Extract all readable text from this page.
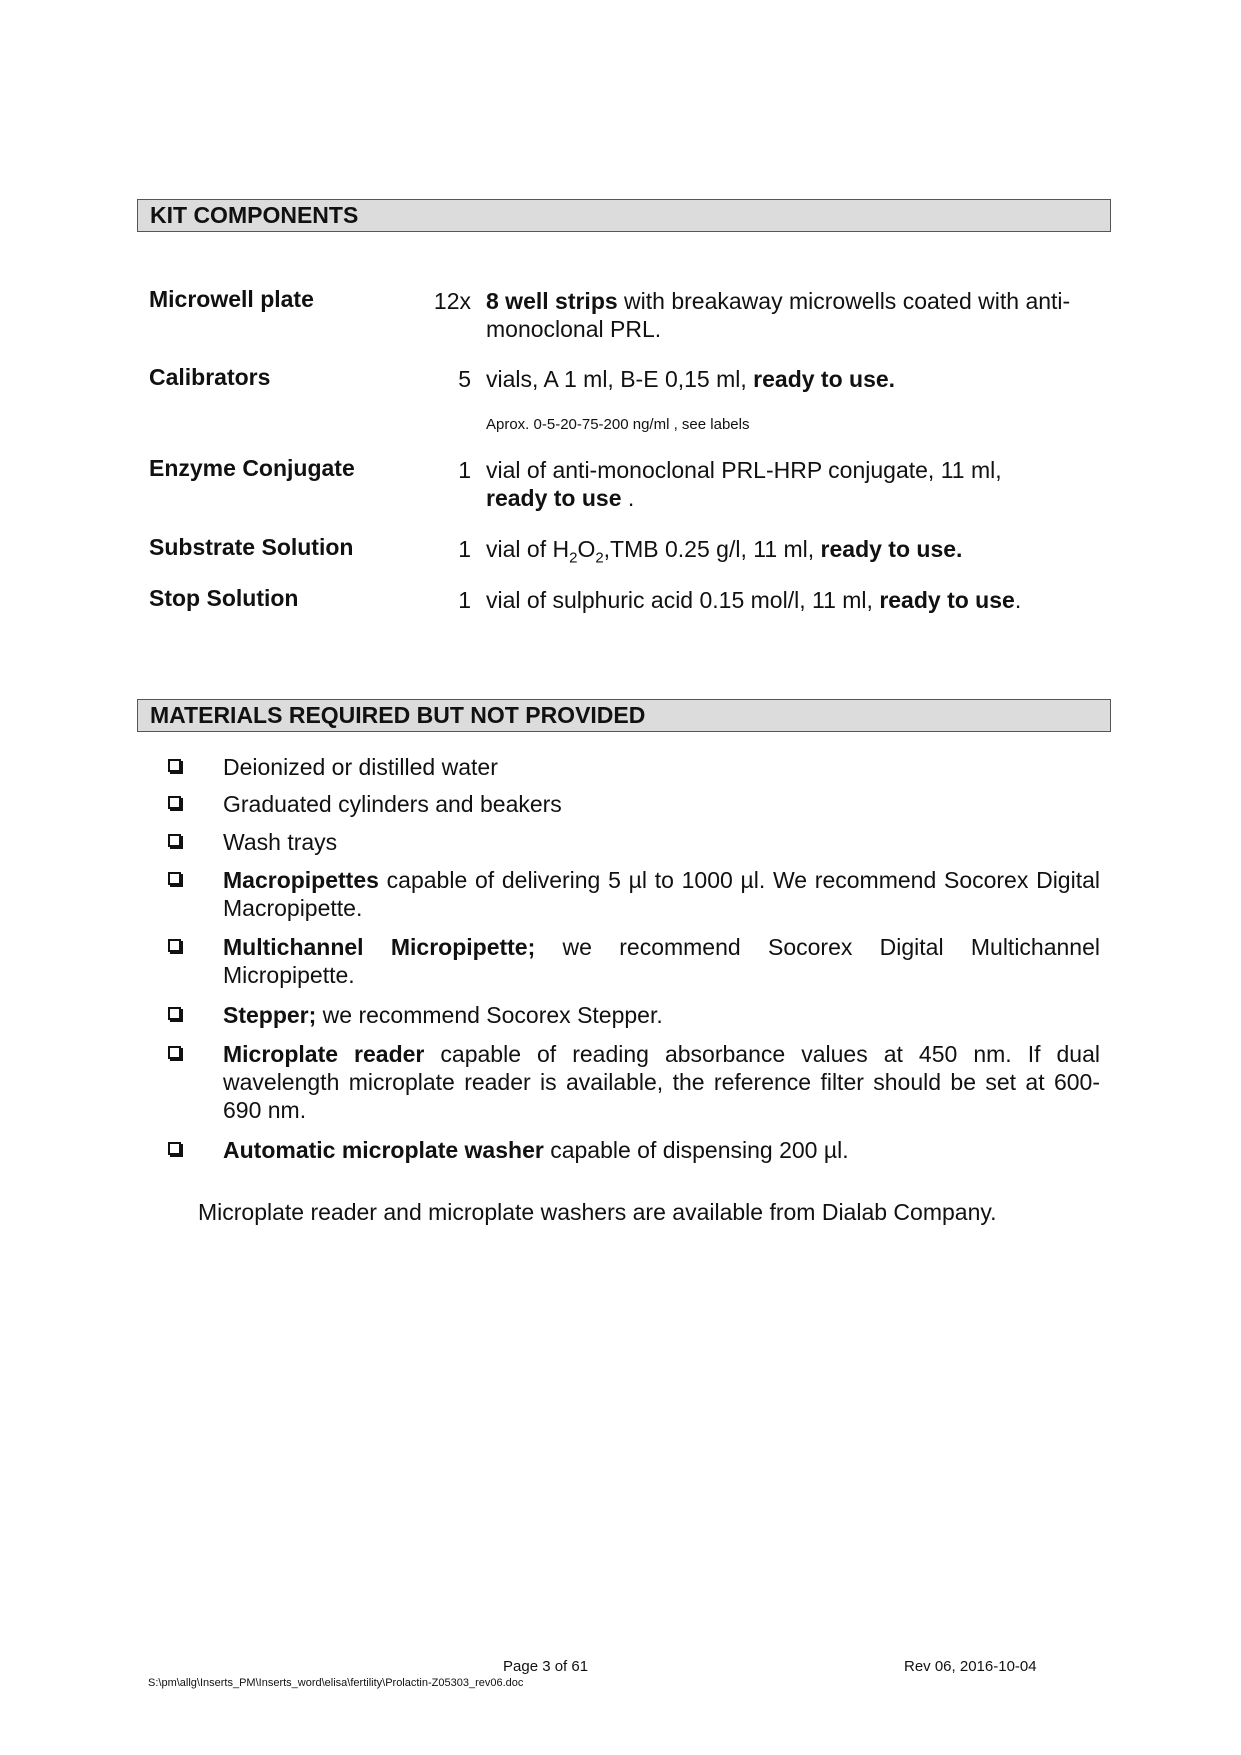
KIT COMPONENTS
Microwell plate	12x 8 well strips with breakaway microwells coated with anti-monoclonal PRL.
Calibrators	5 vials, A 1 ml, B-E 0,15 ml, ready to use.
Aprox. 0-5-20-75-200 ng/ml , see labels
Enzyme Conjugate	1 vial of anti-monoclonal PRL-HRP conjugate, 11 ml, ready to use .
Substrate Solution	1 vial of $H_2O_2,TMB$ 0.25 g/l, 11 ml, ready to use.
Stop Solution	1 vial of sulphuric acid 0.15 mol/l, 11 ml, ready to use.
MATERIALS REQUIRED BUT NOT PROVIDED
Deionized or distilled water
Graduated cylinders and beakers
Wash trays
Macropipettes capable of delivering 5 µl to 1000 µl. We recommend Socorex Digital Macropipette.
Multichannel Micropipette; we recommend Socorex Digital Multichannel Micropipette.
Stepper; we recommend Socorex Stepper.
Microplate reader capable of reading absorbance values at 450 nm. If dual wavelength microplate reader is available, the reference filter should be set at 600-690 nm.
Automatic microplate washer capable of dispensing 200 µl.
Microplate reader and microplate washers are available from Dialab Company.
Page 3 of 61	Rev 06, 2016-10-04
S:\pm\allg\Inserts_PM\Inserts_word\elisa\fertility\Prolactin-Z05303_rev06.doc
